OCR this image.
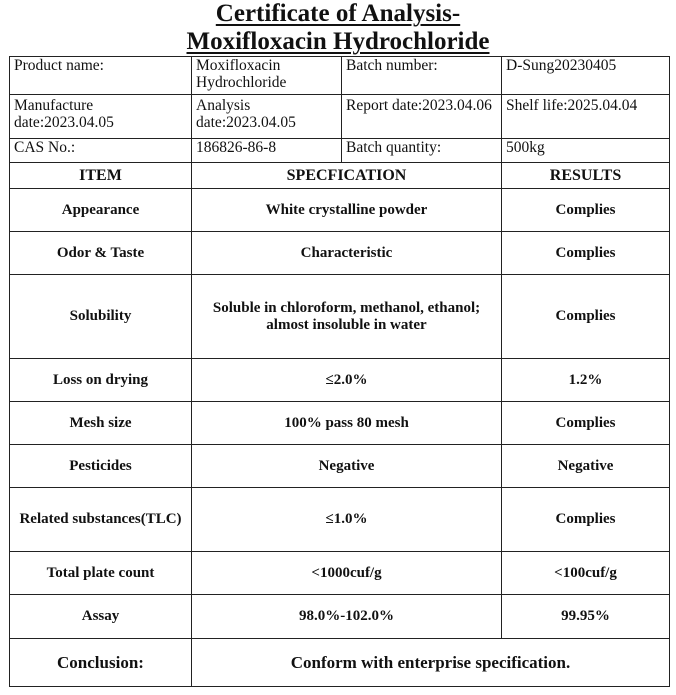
Certificate of Analysis-
Moxifloxacin Hydrochloride
Product name:	Moxifloxacin Hydrochloride	Batch number:	D-Sung20230405
Manufacture date:2023.04.05	Analysis date:2023.04.05	Report date:2023.04.06	Shelf life:2025.04.04
CAS No.:	186826-86-8	Batch quantity:	500kg
ITEM	SPECFICATION		RESULTS
Appearance	White crystalline powder		Complies
Odor & Taste	Characteristic		Complies
Solubility	Soluble in chloroform, methanol, ethanol; almost insoluble in water		Complies
Loss on drying	≤2.0%		1.2%
Mesh size	100% pass 80 mesh		Complies
Pesticides	Negative		Negative
Related substances(TLC)	≤1.0%		Complies
Total plate count	<1000cuf/g		<100cuf/g
Assay	98.0%-102.0%		99.95%
Conclusion:	Conform with enterprise specification.		
